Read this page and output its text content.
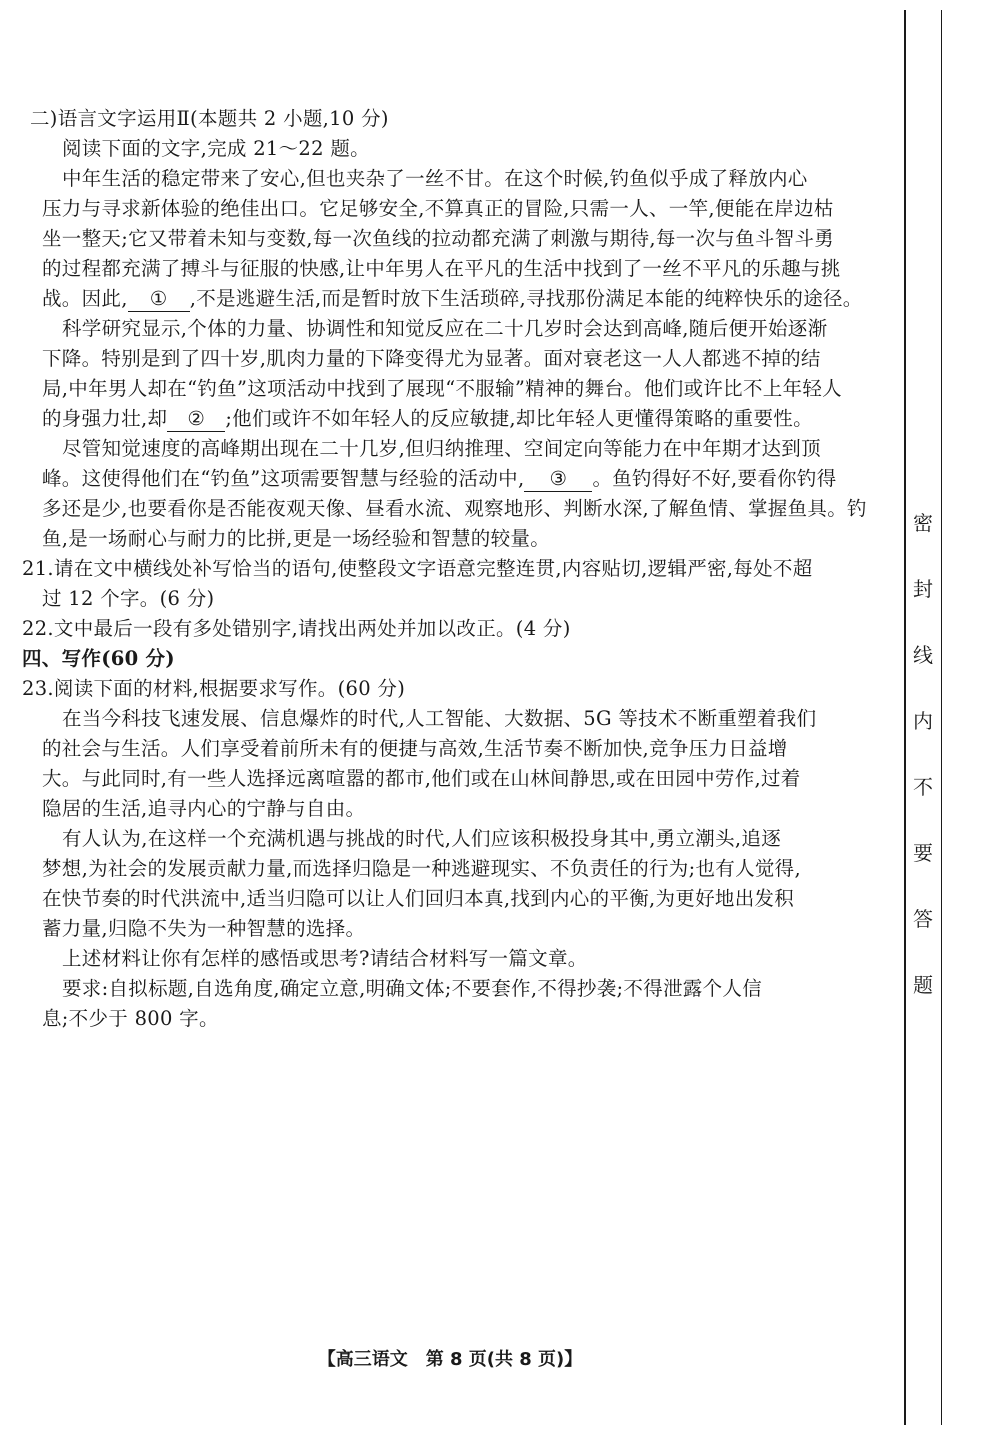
二)语言文字运用Ⅱ(本题共 2 小题,10 分)
阅读下面的文字,完成 21～22 题。
中年生活的稳定带来了安心,但也夹杂了一丝不甘。在这个时候,钓鱼似乎成了释放内心
压力与寻求新体验的绝佳出口。它足够安全,不算真正的冒险,只需一人、一竿,便能在岸边枯
坐一整天;它又带着未知与变数,每一次鱼线的拉动都充满了刺激与期待,每一次与鱼斗智斗勇
的过程都充满了搏斗与征服的快感,让中年男人在平凡的生活中找到了一丝不平凡的乐趣与挑
战。因此, ① ,不是逃避生活,而是暂时放下生活琐碎,寻找那份满足本能的纯粹快乐的途径。
科学研究显示,个体的力量、协调性和知觉反应在二十几岁时会达到高峰,随后便开始逐渐
下降。特别是到了四十岁,肌肉力量的下降变得尤为显著。面对衰老这一人人都逃不掉的结
局,中年男人却在“钓鱼”这项活动中找到了展现“不服输”精神的舞台。他们或许比不上年轻人
的身强力壮,却 ② ;他们或许不如年轻人的反应敏捷,却比年轻人更懂得策略的重要性。
尽管知觉速度的高峰期出现在二十几岁,但归纳推理、空间定向等能力在中年期才达到顶
峰。这使得他们在“钓鱼”这项需要智慧与经验的活动中, ③ 。鱼钓得好不好,要看你钓得
多还是少,也要看你是否能夜观天像、昼看水流、观察地形、判断水深,了解鱼情、掌握鱼具。钓
鱼,是一场耐心与耐力的比拼,更是一场经验和智慧的较量。
21.请在文中横线处补写恰当的语句,使整段文字语意完整连贯,内容贴切,逻辑严密,每处不超
过 12 个字。(6 分)
22.文中最后一段有多处错别字,请找出两处并加以改正。(4 分)
四、写作(60 分)
23.阅读下面的材料,根据要求写作。(60 分)
在当今科技飞速发展、信息爆炸的时代,人工智能、大数据、5G 等技术不断重塑着我们
的社会与生活。人们享受着前所未有的便捷与高效,生活节奏不断加快,竞争压力日益增
大。与此同时,有一些人选择远离喧嚣的都市,他们或在山林间静思,或在田园中劳作,过着
隐居的生活,追寻内心的宁静与自由。
有人认为,在这样一个充满机遇与挑战的时代,人们应该积极投身其中,勇立潮头,追逐
梦想,为社会的发展贡献力量,而选择归隐是一种逃避现实、不负责任的行为;也有人觉得,
在快节奏的时代洪流中,适当归隐可以让人们回归本真,找到内心的平衡,为更好地出发积
蓄力量,归隐不失为一种智慧的选择。
上述材料让你有怎样的感悟或思考?请结合材料写一篇文章。
要求:自拟标题,自选角度,确定立意,明确文体;不要套作,不得抄袭;不得泄露个人信
息;不少于 800 字。
【高三语文　第 8 页(共 8 页)】
密
封
线
内
不
要
答
题
